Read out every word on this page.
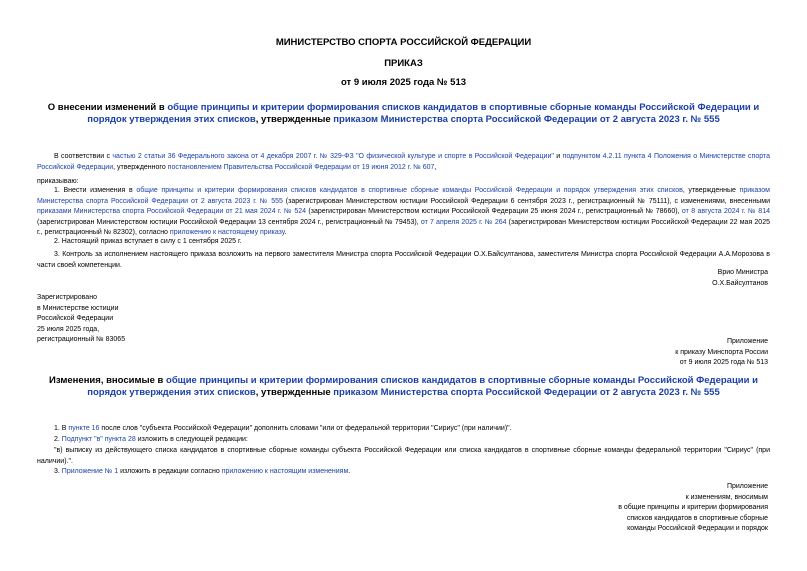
МИНИСТЕРСТВО СПОРТА РОССИЙСКОЙ ФЕДЕРАЦИИ
ПРИКАЗ
от 9 июля 2025 года № 513
О внесении изменений в общие принципы и критерии формирования списков кандидатов в спортивные сборные команды Российской Федерации и порядок утверждения этих списков, утвержденные приказом Министерства спорта Российской Федерации от 2 августа 2023 г. № 555
В соответствии с частью 2 статьи 36 Федерального закона от 4 декабря 2007 г. № 329-ФЗ "О физической культуре и спорте в Российской Федерации" и подпунктом 4.2.11 пункта 4 Положения о Министерстве спорта Российской Федерации, утвержденного постановлением Правительства Российской Федерации от 19 июня 2012 г. № 607,
приказываю:
1. Внести изменения в общие принципы и критерии формирования списков кандидатов в спортивные сборные команды Российской Федерации и порядок утверждения этих списков, утвержденные приказом Министерства спорта Российской Федерации от 2 августа 2023 г. № 555 (зарегистрирован Министерством юстиции Российской Федерации 6 сентября 2023 г., регистрационный № 75111), с изменениями, внесенными приказами Министерства спорта Российской Федерации от 21 мая 2024 г. № 524 (зарегистрирован Министерством юстиции Российской Федерации 25 июня 2024 г., регистрационный № 78660), от 8 августа 2024 г. № 814 (зарегистрирован Министерством юстиции Российской Федерации 13 сентября 2024 г., регистрационный № 79453), от 7 апреля 2025 г. № 264 (зарегистрирован Министерством юстиции Российской Федерации 22 мая 2025 г., регистрационный № 82302), согласно приложению к настоящему приказу.
2. Настоящий приказ вступает в силу с 1 сентября 2025 г.
3. Контроль за исполнением настоящего приказа возложить на первого заместителя Министра спорта Российской Федерации О.Х.Байсултанова, заместителя Министра спорта Российской Федерации А.А.Морозова в части своей компетенции.
Врио Министра
О.Х.Байсултанов
Зарегистрировано
в Министерстве юстиции
Российской Федерации
25 июля 2025 года,
регистрационный № 83065	Приложение
к приказу Минспорта России
от 9 июля 2025 года № 513
Изменения, вносимые в общие принципы и критерии формирования списков кандидатов в спортивные сборные команды Российской Федерации и порядок утверждения этих списков, утвержденные приказом Министерства спорта Российской Федерации от 2 августа 2023 г. № 555
1. В пункте 16 после слов "субъекта Российской Федерации" дополнить словами "или от федеральной территории "Сириус" (при наличии)".
2. Подпункт "в" пункта 28 изложить в следующей редакции:
"в) выписку из действующего списка кандидатов в спортивные сборные команды субъекта Российской Федерации или списка кандидатов в спортивные сборные команды федеральной территории "Сириус" (при наличии).".
3. Приложение № 1 изложить в редакции согласно приложению к настоящим изменениям.
Приложение
к изменениям, вносимым
в общие принципы и критерии формирования
списков кандидатов в спортивные сборные
команды Российской Федерации и порядок
